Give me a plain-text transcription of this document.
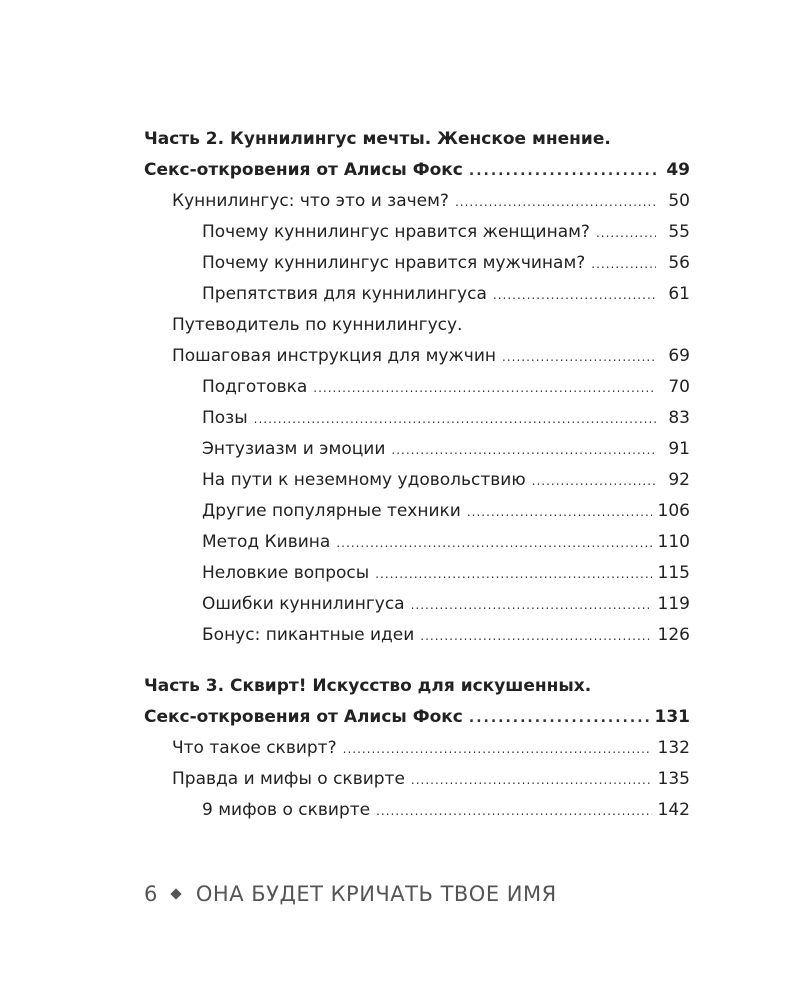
Часть 2. Куннилингус мечты. Женское мнение.
Секс-откровения от Алисы Фокс .....	49
Куннилингус: что это и зачем? .....	50
Почему куннилингус нравится женщинам? .....	55
Почему куннилингус нравится мужчинам? .....	56
Препятствия для куннилингуса .....	61
Путеводитель по куннилингусу.
Пошаговая инструкция для мужчин .....	69
Подготовка .....	70
Позы .....	83
Энтузиазм и эмоции .....	91
На пути к неземному удовольствию .....	92
Другие популярные техники .....	106
Метод Кивина .....	110
Неловкие вопросы .....	115
Ошибки куннилингуса .....	119
Бонус: пикантные идеи .....	126
Часть 3. Сквирт! Искусство для искушенных.
Секс-откровения от Алисы Фокс .....	131
Что такое сквирт? .....	132
Правда и мифы о сквирте .....	135
9 мифов о сквирте .....	142
6 ОНА БУДЕТ КРИЧАТЬ ТВОЕ ИМЯ
